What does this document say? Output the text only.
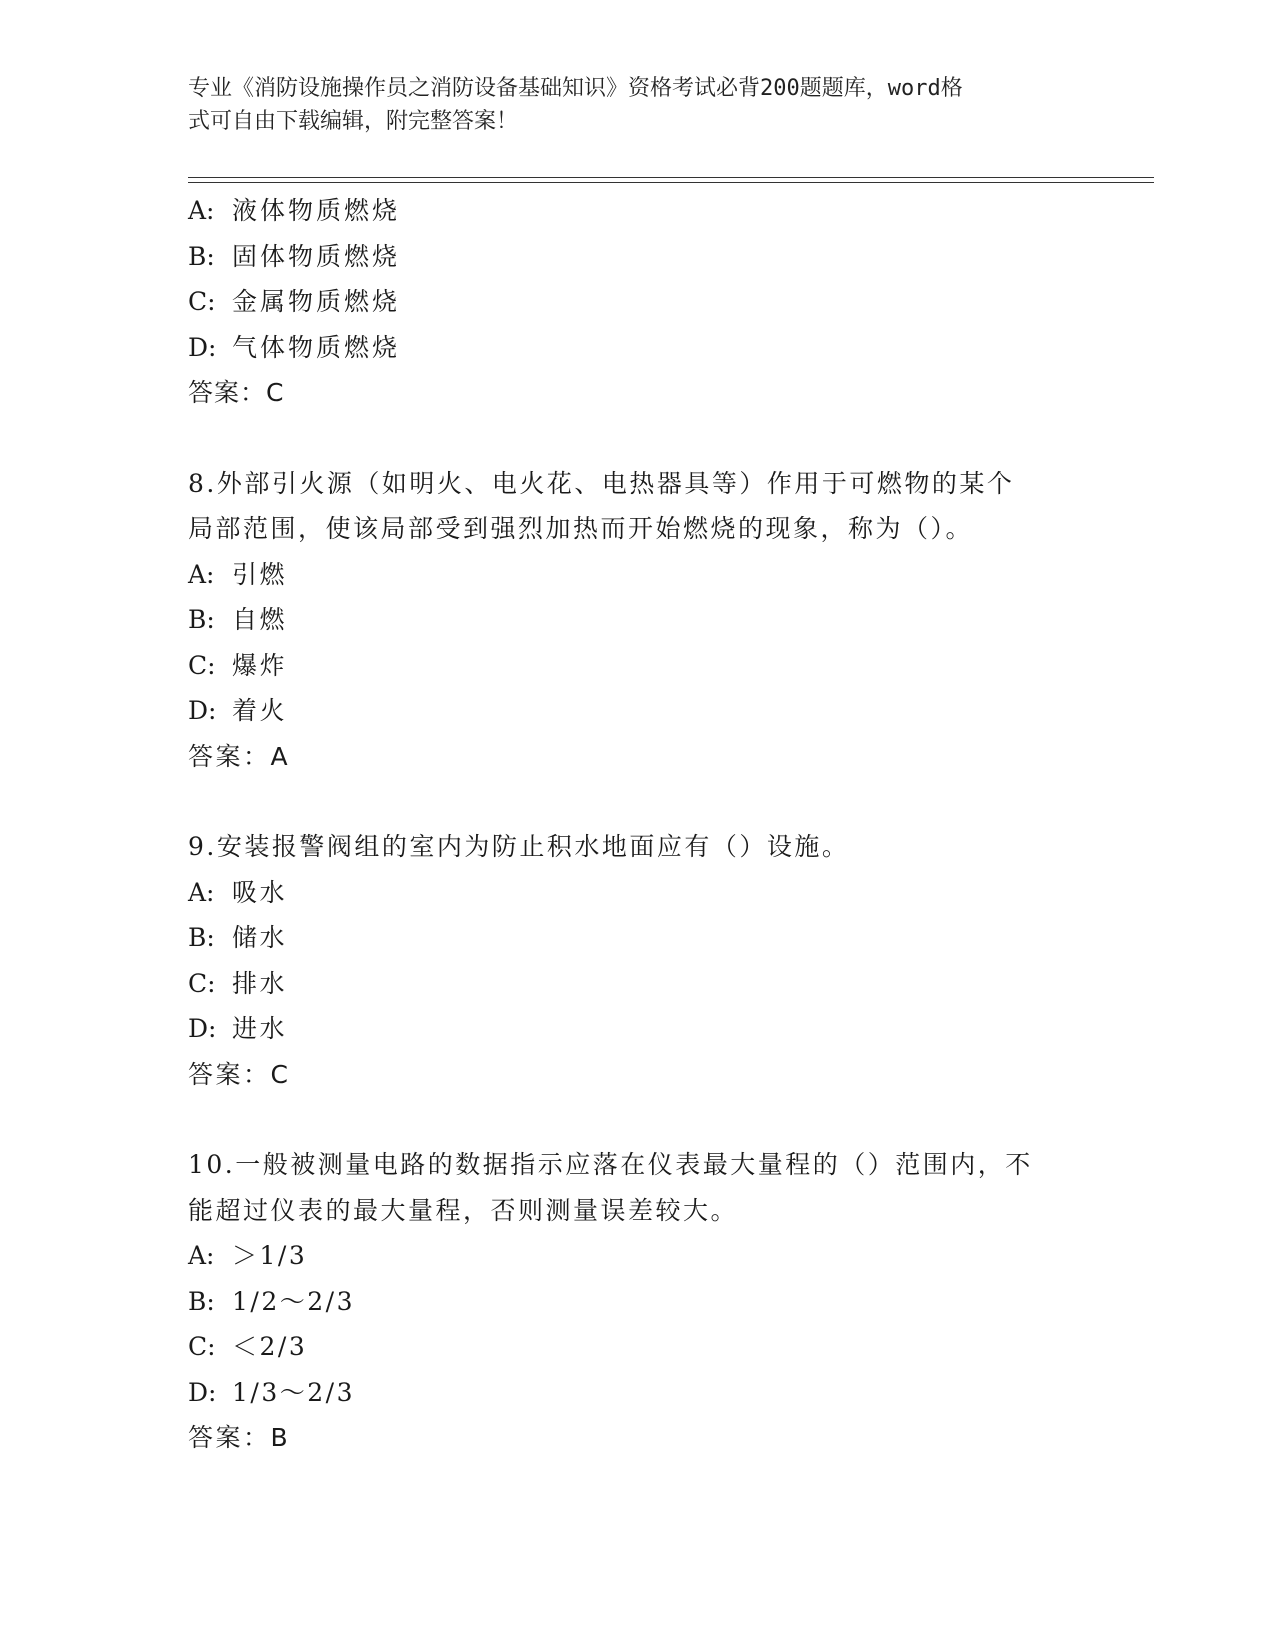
专业《消防设施操作员之消防设备基础知识》资格考试必背200题题库，word格
式可自由下载编辑，附完整答案！
A: 液体物质燃烧
B: 固体物质燃烧
C: 金属物质燃烧
D: 气体物质燃烧
答案：C
8.外部引火源（如明火、电火花、电热器具等）作用于可燃物的某个
局部范围，使该局部受到强烈加热而开始燃烧的现象，称为（）。
A: 引燃
B: 自燃
C: 爆炸
D: 着火
答案：A
9.安装报警阀组的室内为防止积水地面应有（）设施。
A: 吸水
B: 储水
C: 排水
D: 进水
答案：C
10.一般被测量电路的数据指示应落在仪表最大量程的（）范围内，不
能超过仪表的最大量程，否则测量误差较大。
A: ＞1/3
B: 1/2～2/3
C: ＜2/3
D: 1/3～2/3
答案：B
